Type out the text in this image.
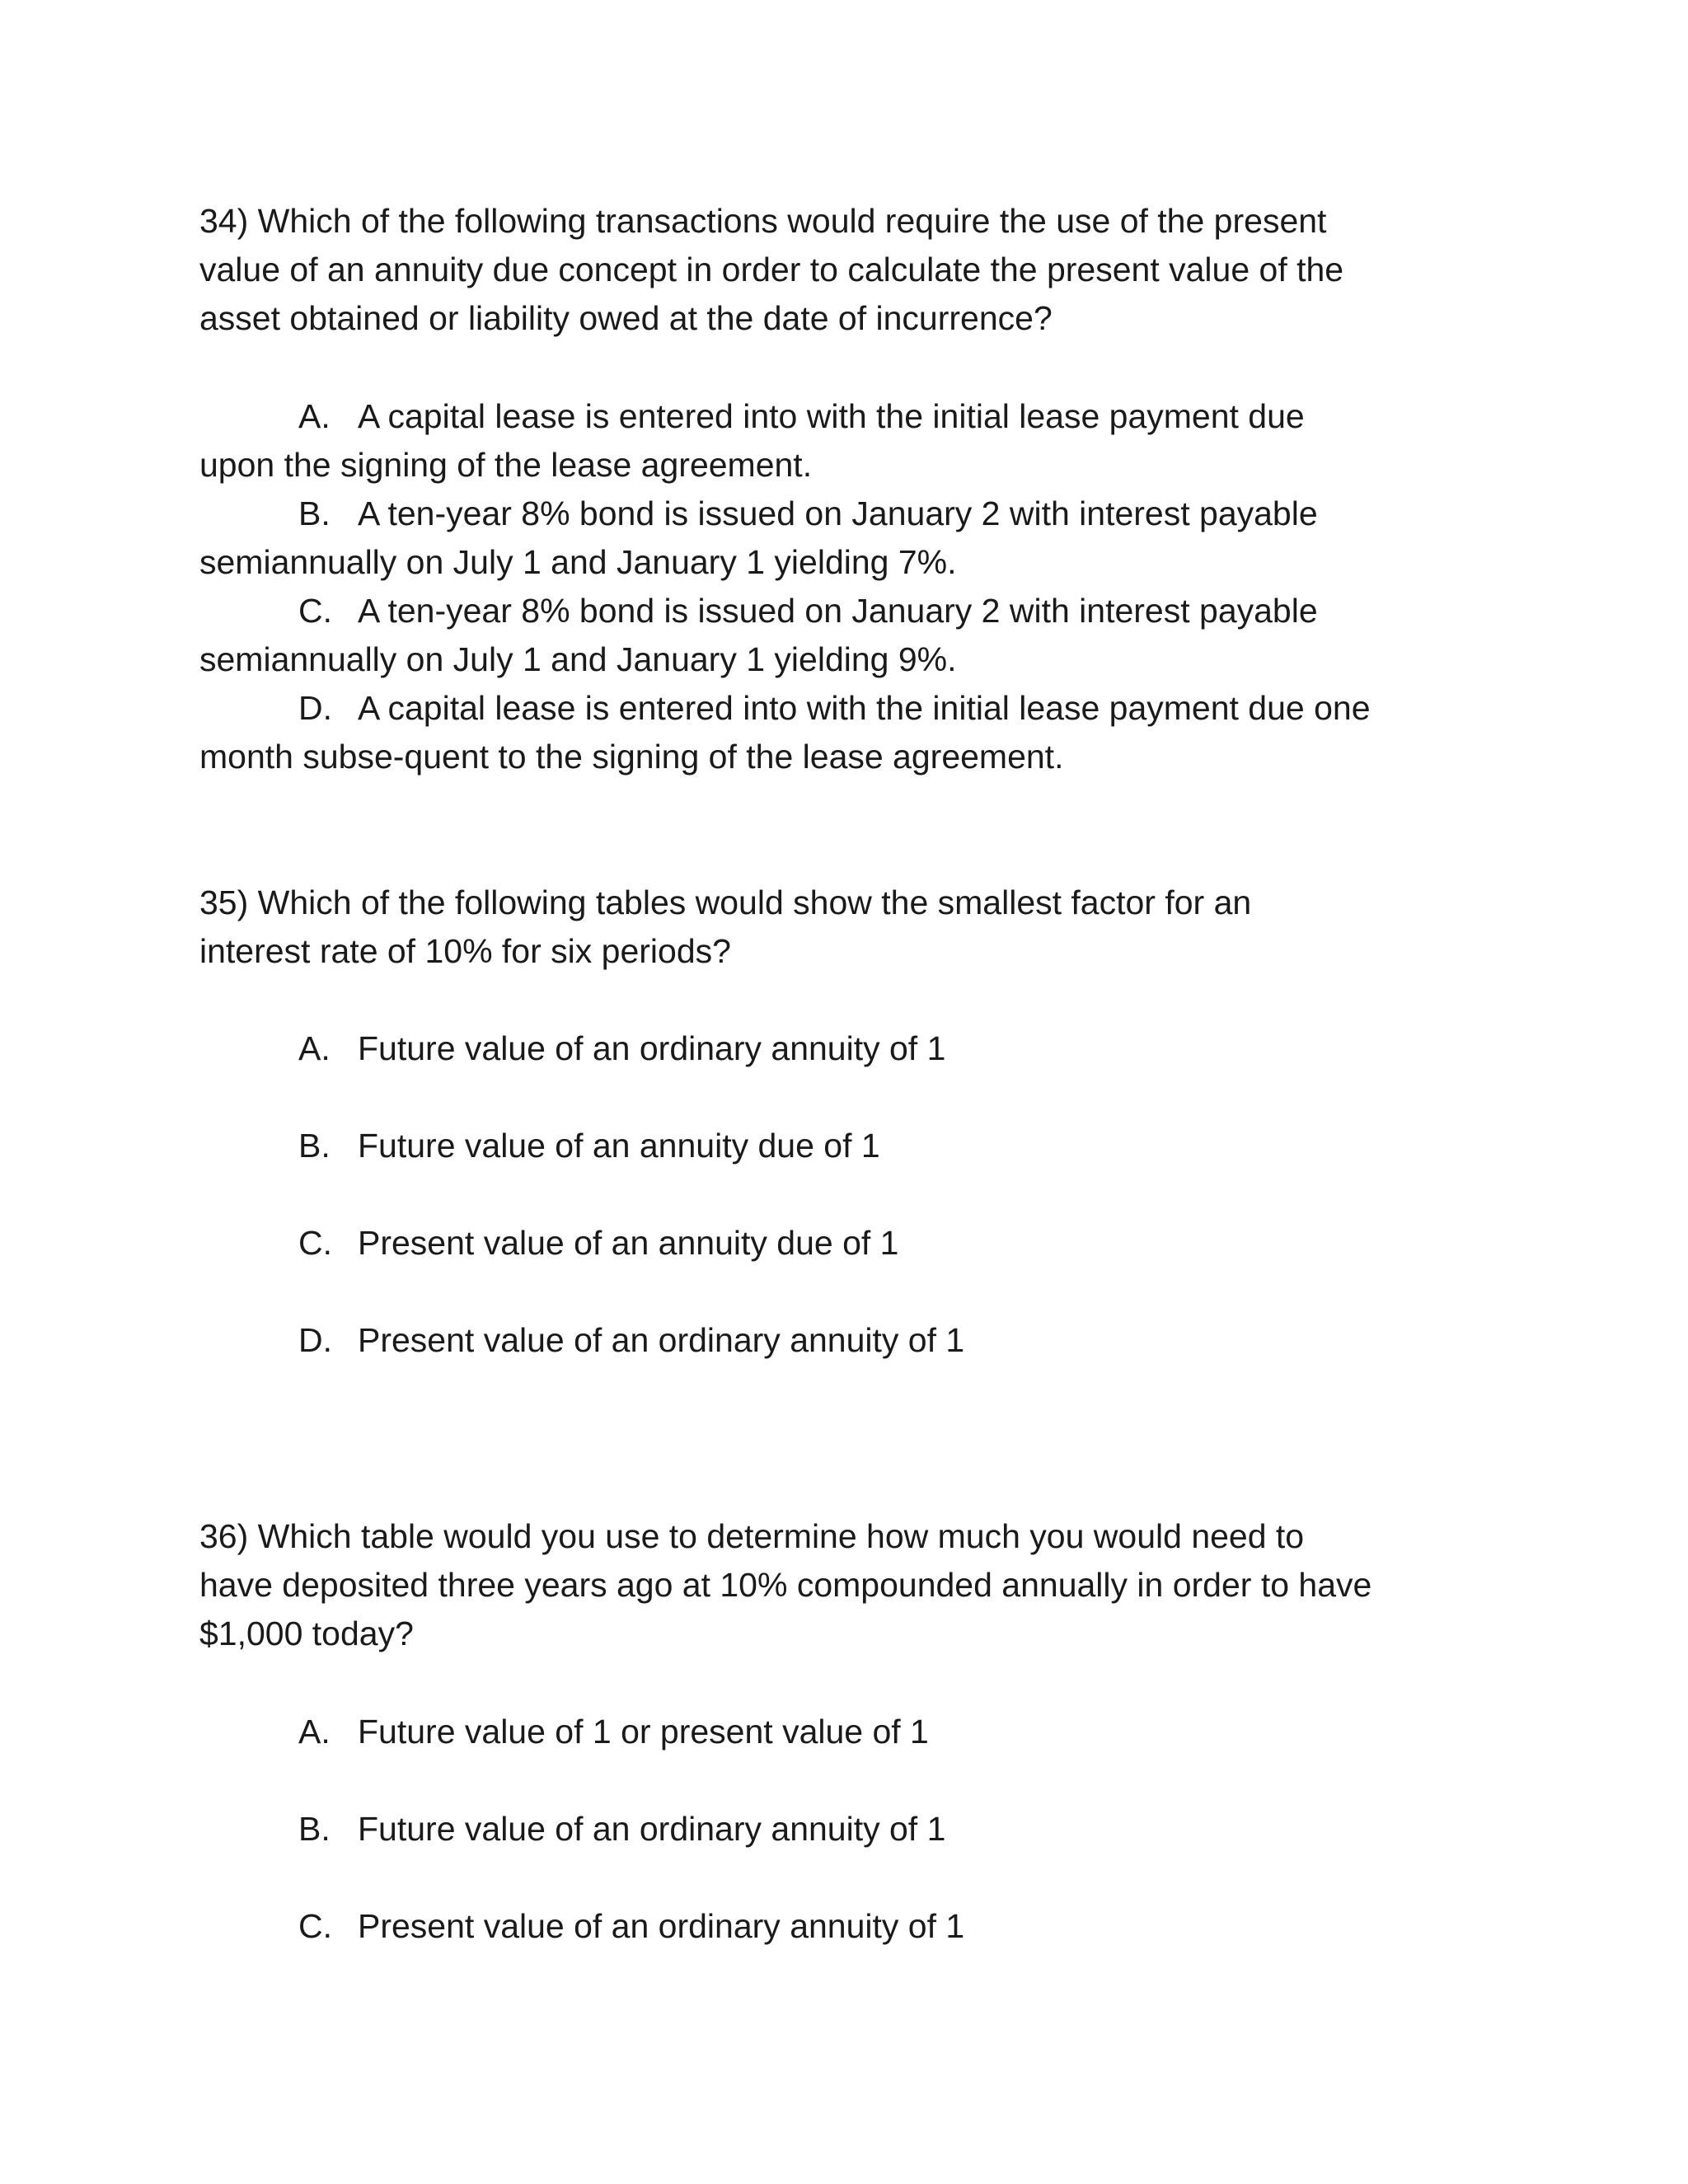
34) Which of the following transactions would require the use of the present
value of an annuity due concept in order to calculate the present value of the
asset obtained or liability owed at the date of incurrence?
A. A capital lease is entered into with the initial lease payment due
upon the signing of the lease agreement.
B. A ten-year 8% bond is issued on January 2 with interest payable
semiannually on July 1 and January 1 yielding 7%.
C. A ten-year 8% bond is issued on January 2 with interest payable
semiannually on July 1 and January 1 yielding 9%.
D. A capital lease is entered into with the initial lease payment due one
month subse-quent to the signing of the lease agreement.
35) Which of the following tables would show the smallest factor for an
interest rate of 10% for six periods?
A. Future value of an ordinary annuity of 1
B. Future value of an annuity due of 1
C. Present value of an annuity due of 1
D. Present value of an ordinary annuity of 1
36) Which table would you use to determine how much you would need to
have deposited three years ago at 10% compounded annually in order to have
$1,000 today?
A. Future value of 1 or present value of 1
B. Future value of an ordinary annuity of 1
C. Present value of an ordinary annuity of 1
